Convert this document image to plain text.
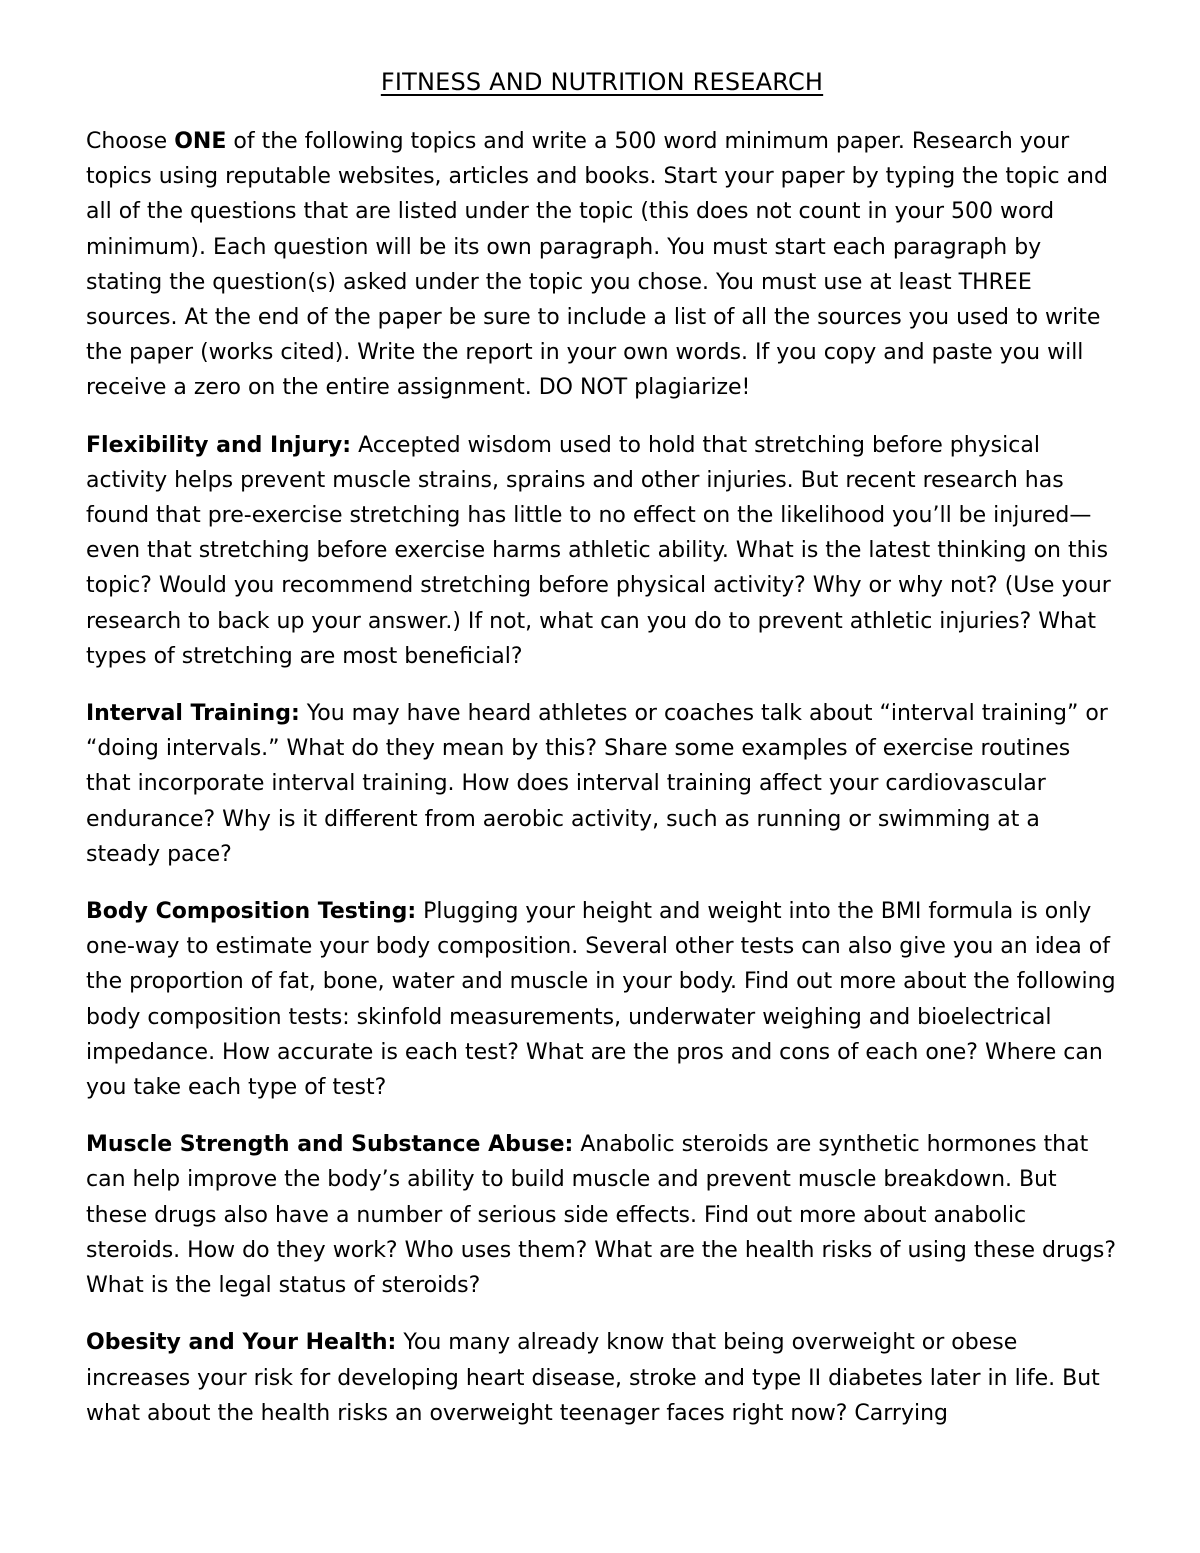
FITNESS AND NUTRITION RESEARCH

Choose ONE of the following topics and write a 500 word minimum paper. Research your topics using reputable websites, articles and books. Start your paper by typing the topic and all of the questions that are listed under the topic (this does not count in your 500 word minimum). Each question will be its own paragraph. You must start each paragraph by stating the question(s) asked under the topic you chose. You must use at least THREE sources. At the end of the paper be sure to include a list of all the sources you used to write the paper (works cited). Write the report in your own words. If you copy and paste you will receive a zero on the entire assignment. DO NOT plagiarize!

Flexibility and Injury: Accepted wisdom used to hold that stretching before physical activity helps prevent muscle strains, sprains and other injuries. But recent research has found that pre-exercise stretching has little to no effect on the likelihood you’ll be injured—even that stretching before exercise harms athletic ability. What is the latest thinking on this topic? Would you recommend stretching before physical activity? Why or why not? (Use your research to back up your answer.) If not, what can you do to prevent athletic injuries? What types of stretching are most beneficial?

Interval Training: You may have heard athletes or coaches talk about “interval training” or “doing intervals.” What do they mean by this? Share some examples of exercise routines that incorporate interval training. How does interval training affect your cardiovascular endurance? Why is it different from aerobic activity, such as running or swimming at a steady pace?

Body Composition Testing: Plugging your height and weight into the BMI formula is only one-way to estimate your body composition. Several other tests can also give you an idea of the proportion of fat, bone, water and muscle in your body. Find out more about the following body composition tests: skinfold measurements, underwater weighing and bioelectrical impedance. How accurate is each test? What are the pros and cons of each one? Where can you take each type of test?

Muscle Strength and Substance Abuse: Anabolic steroids are synthetic hormones that can help improve the body’s ability to build muscle and prevent muscle breakdown. But these drugs also have a number of serious side effects. Find out more about anabolic steroids. How do they work? Who uses them? What are the health risks of using these drugs? What is the legal status of steroids?

Obesity and Your Health: You many already know that being overweight or obese increases your risk for developing heart disease, stroke and type II diabetes later in life. But what about the health risks an overweight teenager faces right now? Carrying
